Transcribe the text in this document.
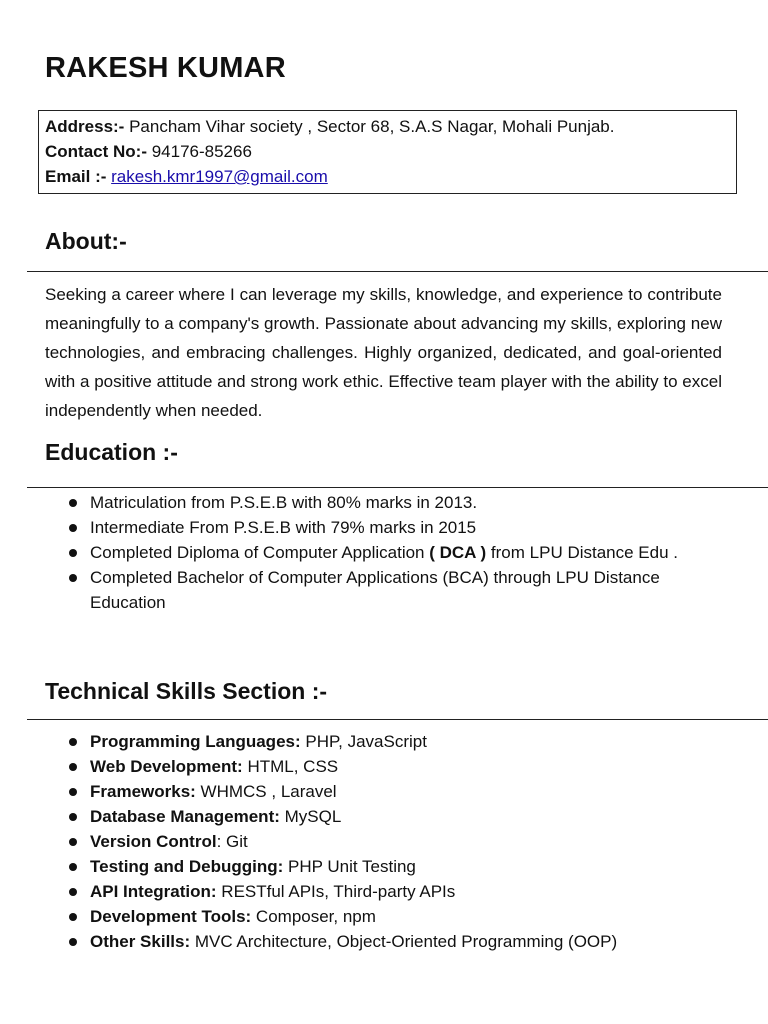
RAKESH KUMAR
Address:- Pancham Vihar society , Sector 68, S.A.S Nagar, Mohali Punjab.
Contact No:- 94176-85266
Email :- rakesh.kmr1997@gmail.com
About:-

Seeking a career where I can leverage my skills, knowledge, and experience to contribute meaningfully to a company's growth. Passionate about advancing my skills, exploring new technologies, and embracing challenges. Highly organized, dedicated, and goal-oriented with a positive attitude and strong work ethic. Effective team player with the ability to excel independently when needed.

Education :-
Matriculation from P.S.E.B with 80% marks in 2013.
Intermediate From P.S.E.B with 79% marks in 2015
Completed Diploma of Computer Application ( DCA ) from LPU Distance Edu .
Completed Bachelor of Computer Applications (BCA) through LPU Distance Education
Technical Skills Section :-
Programming Languages: PHP, JavaScript
Web Development: HTML, CSS
Frameworks: WHMCS , Laravel
Database Management: MySQL
Version Control: Git
Testing and Debugging: PHP Unit Testing
API Integration: RESTful APIs, Third-party APIs
Development Tools: Composer, npm
Other Skills: MVC Architecture, Object-Oriented Programming (OOP)
